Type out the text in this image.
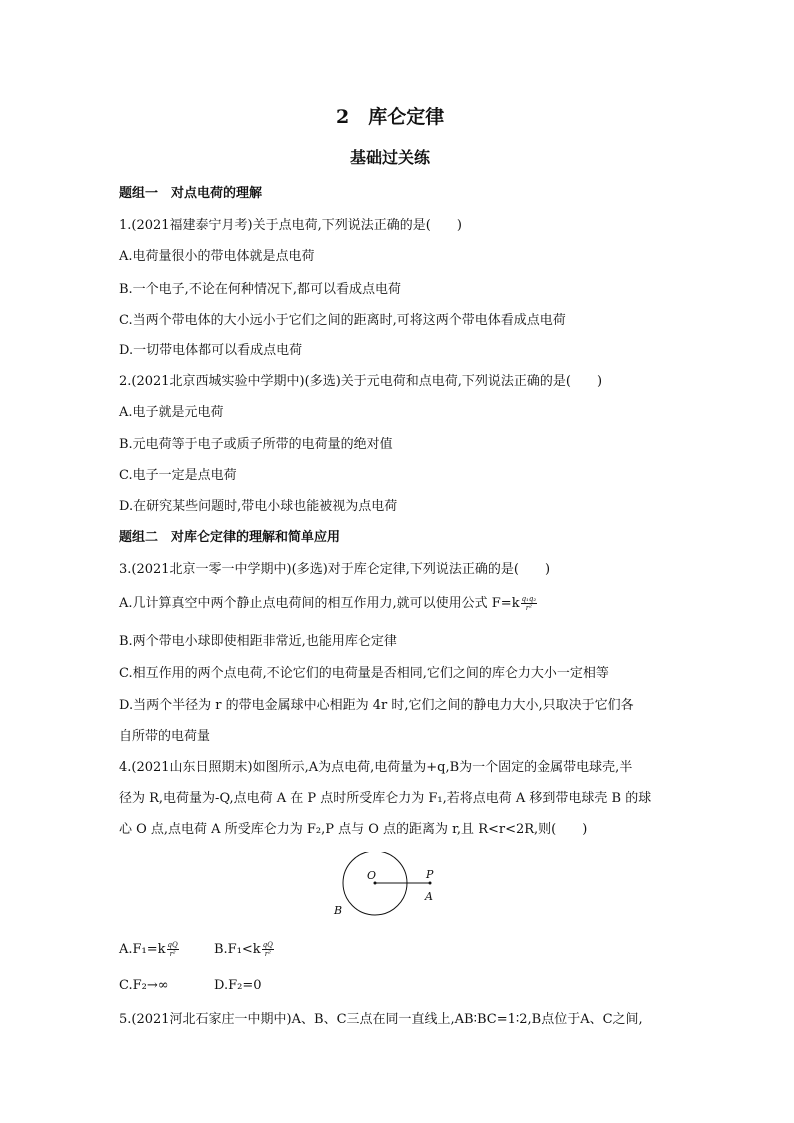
2　库仑定律
基础过关练
题组一　对点电荷的理解
1.(2021福建泰宁月考)关于点电荷,下列说法正确的是(　　)
A.电荷量很小的带电体就是点电荷
B.一个电子,不论在何种情况下,都可以看成点电荷
C.当两个带电体的大小远小于它们之间的距离时,可将这两个带电体看成点电荷
D.一切带电体都可以看成点电荷
2.(2021北京西城实验中学期中)(多选)关于元电荷和点电荷,下列说法正确的是(　　)
A.电子就是元电荷
B.元电荷等于电子或质子所带的电荷量的绝对值
C.电子一定是点电荷
D.在研究某些问题时,带电小球也能被视为点电荷
题组二　对库仑定律的理解和简单应用
3.(2021北京一零一中学期中)(多选)对于库仑定律,下列说法正确的是(　　)
A.几计算真空中两个静止点电荷间的相互作用力,就可以使用公式 $F=k \frac{\text{q₁q₂}}{\text{r²}}$
B.两个带电小球即使相距非常近,也能用库仑定律
C.相互作用的两个点电荷,不论它们的电荷量是否相同,它们之间的库仑力大小一定相等
D.当两个半径为 r 的带电金属球中心相距为 4r 时,它们之间的静电力大小,只取决于它们各
自所带的电荷量
4.(2021山东日照期末)如图所示,A为点电荷,电荷量为+q,B为一个固定的金属带电球壳,半
径为 R,电荷量为-Q,点电荷 A 在 P 点时所受库仑力为 F₁,若将点电荷 A 移到带电球壳 B 的球
心 O 点,点电荷 A 所受库仑力为 F₂,P 点与 O 点的距离为 r,且 R<r<2R,则(　　)
O	P
A
B
$A.F_1=k \frac{qQ}{\text{r²}}$	$B.F_1<k \frac{qQ}{\text{r²}}$
C.F₂→∞	D.F₂=0
5.(2021河北石家庄一中期中)A、B、C三点在同一直线上,AB∶BC=1∶2,B点位于A、C之间,
